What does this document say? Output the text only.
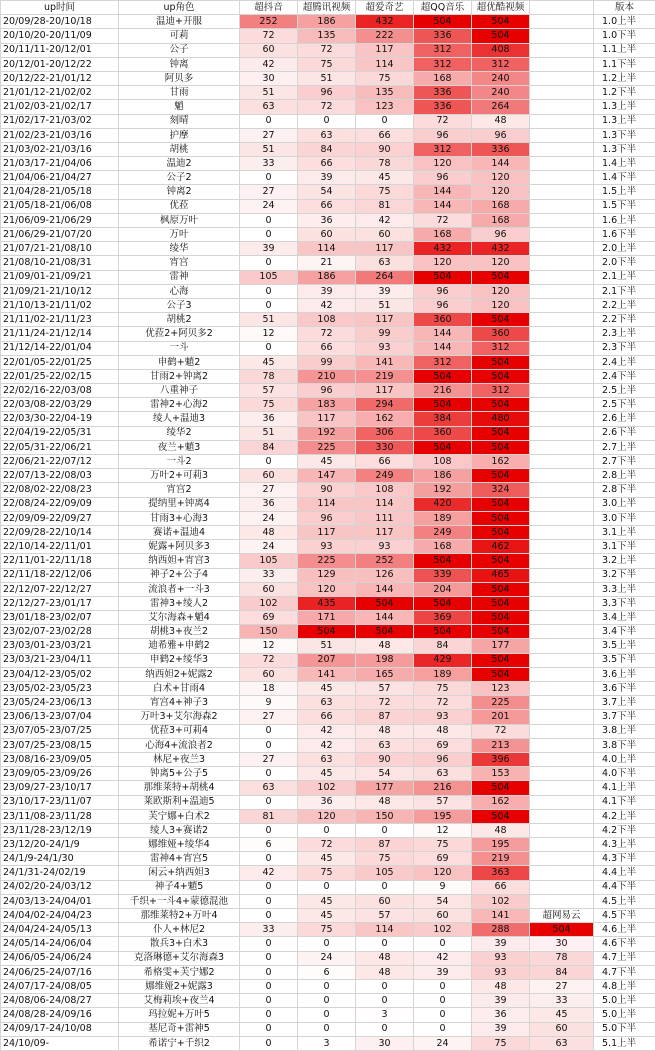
up时间	up角色	超抖音	超腾讯视频	超爱奇艺	超QQ音乐	超优酷视频		版本
20/09/28-20/10/18	温迪+开服	252	186	432	504	504		1.0上半
20/10/20-20/11/09	可莉	72	135	222	336	504		1.0下半
20/11/11-20/12/01	公子	60	72	117	312	408		1.1上半
20/12/01-20/12/22	钟离	42	75	114	312	312		1.1下半
20/12/22-21/01/12	阿贝多	30	51	75	168	240		1.2上半
21/01/12-21/02/02	甘雨	51	96	135	336	240		1.2下半
21/02/03-21/02/17	魈	63	72	123	336	264		1.3上半
21/02/17-21/03/02	刻晴	0	0	0	72	48		1.3上半
21/02/23-21/03/16	护摩	27	63	66	96	96		1.3下半
21/03/02-21/03/16	胡桃	51	84	90	312	336		1.3下半
21/03/17-21/04/06	温迪2	33	66	78	120	144		1.4上半
21/04/06-21/04/27	公子2	0	39	45	96	120		1.4下半
21/04/28-21/05/18	钟离2	27	54	75	144	120		1.5上半
21/05/18-21/06/08	优菈	24	66	81	144	168		1.5下半
21/06/09-21/06/29	枫原万叶	0	36	42	72	168		1.6上半
21/06/29-21/07/20	万叶	0	60	60	168	96		1.6下半
21/07/21-21/08/10	绫华	39	114	117	432	432		2.0上半
21/08/10-21/08/31	宵宫	0	21	63	120	120		2.0下半
21/09/01-21/09/21	雷神	105	186	264	504	504		2.1上半
21/09/21-21/10/12	心海	0	39	39	96	120		2.1下半
21/10/13-21/11/02	公子3	0	42	51	96	120		2.2上半
21/11/02-21/11/23	胡桃2	51	108	117	360	504		2.2下半
21/11/24-21/12/14	优菈2+阿贝多2	12	72	99	144	360		2.3上半
21/12/14-22/01/04	一斗	0	66	93	144	312		2.3下半
22/01/05-22/01/25	申鹤+魈2	45	99	141	312	504		2.4上半
22/01/25-22/02/15	甘雨2+钟离2	78	210	219	504	504		2.4下半
22/02/16-22/03/08	八重神子	57	96	117	216	312		2.5上半
22/03/08-22/03/29	雷神2+心海2	75	183	294	504	504		2.5下半
22/03/30-22/04-19	绫人+温迪3	36	117	162	384	480		2.6上半
22/04/19-22/05/31	绫华2	51	192	306	360	504		2.6下半
22/05/31-22/06/21	夜兰+魈3	84	225	330	504	504		2.7上半
22/06/21-22/07/12	一斗2	0	45	66	108	162		2.7下半
22/07/13-22/08/03	万叶2+可莉3	60	147	249	186	504		2.8上半
22/08/02-22/08/23	宵宫2	27	90	108	192	324		2.8下半
22/08/24-22/09/09	提纳里+钟离4	36	114	114	420	504		3.0上半
22/09/09-22/09/27	甘雨3+心海3	24	96	111	189	504		3.0下半
22/09/28-22/10/14	赛诺+温迪4	48	117	117	249	504		3.1上半
22/10/14-22/11/01	妮露+阿贝多3	24	93	93	168	462		3.1下半
22/11/01-22/11/18	纳西妲+宵宫3	105	225	252	504	504		3.2上半
22/11/18-22/12/06	神子2+公子4	33	129	126	339	465		3.2下半
22/12/07-22/12/27	流浪者+一斗3	60	120	144	204	504		3.3上半
22/12/27-23/01/17	雷神3+绫人2	102	435	504	504	504		3.3下半
23/01/18-23/02/07	艾尔海森+魈4	69	171	144	369	504		3.4上半
23/02/07-23/02/28	胡桃3+夜兰2	150	504	504	504	504		3.4下半
23/03/01-23/03/21	迪希雅+申鹤2	12	51	48	84	177		3.5上半
23/03/21-23/04/11	申鹤2+绫华3	72	207	198	429	504		3.5下半
23/04/12-23/05/02	纳西妲2+妮露2	60	141	165	189	504		3.6上半
23/05/02-23/05/23	白术+甘雨4	18	45	57	75	123		3.6下半
23/05/24-23/06/13	宵宫4+神子3	9	63	72	72	225		3.7上半
23/06/13-23/07/04	万叶3+艾尔海森2	27	66	87	93	201		3.7下半
23/07/05-23/07/25	优菈3+可莉4	0	42	48	48	72		3.8上半
23/07/25-23/08/15	心海4+流浪者2	0	42	63	69	213		3.8下半
23/08/16-23/09/05	林尼+夜兰3	27	63	90	96	396		4.0上半
23/09/05-23/09/26	钟离5+公子5	0	45	54	63	153		4.0下半
23/09/27-23/10/17	那维莱特+胡桃4	63	102	177	216	504		4.1上半
23/10/17-23/11/07	莱欧斯利+温迪5	0	36	48	57	162		4.1下半
23/11/08-23/11/28	芙宁娜+白术2	81	120	150	195	504		4.2上半
23/11/28-23/12/19	绫人3+赛诺2	0	0	0	12	48		4.2下半
23/12/20-24/1/9	娜维娅+绫华4	6	72	87	75	195		4.3上半
24/1/9-24/1/30	雷神4+宵宫5	0	45	75	69	219		4.3下半
24/1/31-24/02/19	闲云+纳西妲3	42	75	105	120	363		4.4上半
24/02/20-24/03/12	神子4+魈5	0	0	0	9	66		4.4下半
24/03/13-24/04/01	千织+一斗4+蒙德混池	0	45	60	54	102		4.5上半
24/04/02-24/04/23	那维莱特2+万叶4	0	45	57	60	141	超网易云	4.5下半
24/04/24-24/05/13	仆人+林尼2	33	75	114	102	288	504	4.6上半
24/05/14-24/06/04	散兵3+白术3	0	0	0	0	39	30	4.6下半
24/06/05-24/06/24	克洛琳德+艾尔海森3	0	24	48	42	93	78	4.7上半
24/06/25-24/07/16	希格雯+芙宁娜2	0	6	48	39	93	84	4.7下半
24/07/17-24/08/05	娜维娅2+妮露3	0	0	0	0	48	27	4.8上半
24/08/06-24/08/27	艾梅莉埃+夜兰4	0	0	0	0	39	33	5.0上半
24/08/28-24/09/16	玛拉妮+万叶5	0	0	3	0	36	45	5.0上半
24/09/17-24/10/08	基尼奇+雷神5	0	0	0	0	39	60	5.0下半
24/10/09-	希诺宁+千织2	0	3	30	24	75	63	5.1上半
